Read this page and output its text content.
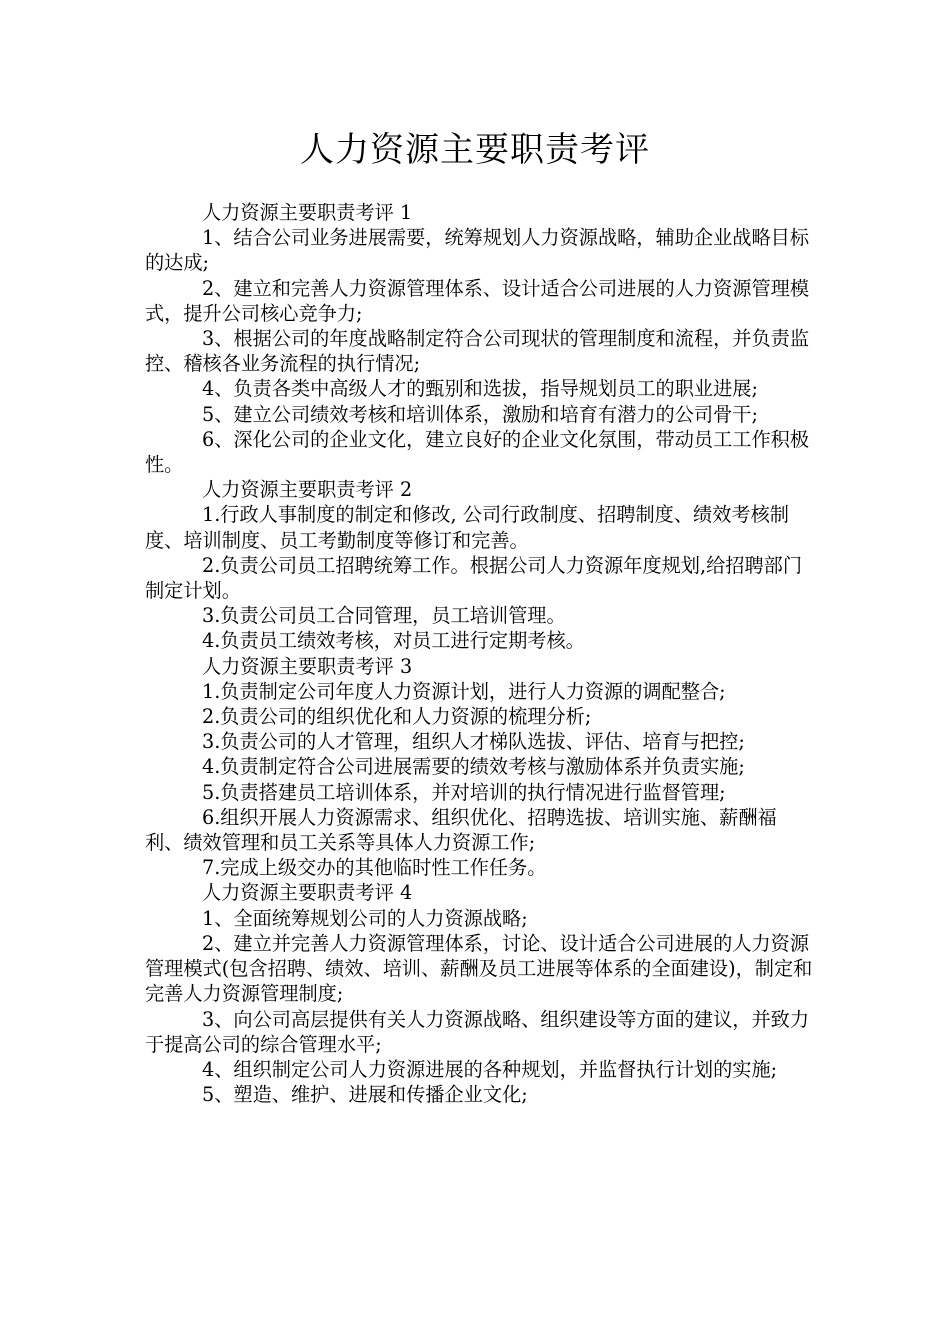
人力资源主要职责考评

人力资源主要职责考评 1

1、结合公司业务进展需要，统筹规划人力资源战略，辅助企业战略目标的达成;

2、建立和完善人力资源管理体系、设计适合公司进展的人力资源管理模式，提升公司核心竞争力;

3、根据公司的年度战略制定符合公司现状的管理制度和流程，并负责监控、稽核各业务流程的执行情况;

4、负责各类中高级人才的甄别和选拔，指导规划员工的职业进展;

5、建立公司绩效考核和培训体系，激励和培育有潜力的公司骨干;

6、深化公司的企业文化，建立良好的企业文化氛围，带动员工工作积极性。

人力资源主要职责考评 2

1.行政人事制度的制定和修改, 公司行政制度、招聘制度、绩效考核制度、培训制度、员工考勤制度等修订和完善。

2.负责公司员工招聘统筹工作。根据公司人力资源年度规划,给招聘部门制定计划。

3.负责公司员工合同管理，员工培训管理。

4.负责员工绩效考核，对员工进行定期考核。

人力资源主要职责考评 3

1.负责制定公司年度人力资源计划，进行人力资源的调配整合;

2.负责公司的组织优化和人力资源的梳理分析;

3.负责公司的人才管理，组织人才梯队选拔、评估、培育与把控;

4.负责制定符合公司进展需要的绩效考核与激励体系并负责实施;

5.负责搭建员工培训体系，并对培训的执行情况进行监督管理;

6.组织开展人力资源需求、组织优化、招聘选拔、培训实施、薪酬福利、绩效管理和员工关系等具体人力资源工作;

7.完成上级交办的其他临时性工作任务。

人力资源主要职责考评 4

1、全面统筹规划公司的人力资源战略;

2、建立并完善人力资源管理体系，讨论、设计适合公司进展的人力资源管理模式(包含招聘、绩效、培训、薪酬及员工进展等体系的全面建设)，制定和完善人力资源管理制度;

3、向公司高层提供有关人力资源战略、组织建设等方面的建议，并致力于提高公司的综合管理水平;

4、组织制定公司人力资源进展的各种规划，并监督执行计划的实施;

5、塑造、维护、进展和传播企业文化;
